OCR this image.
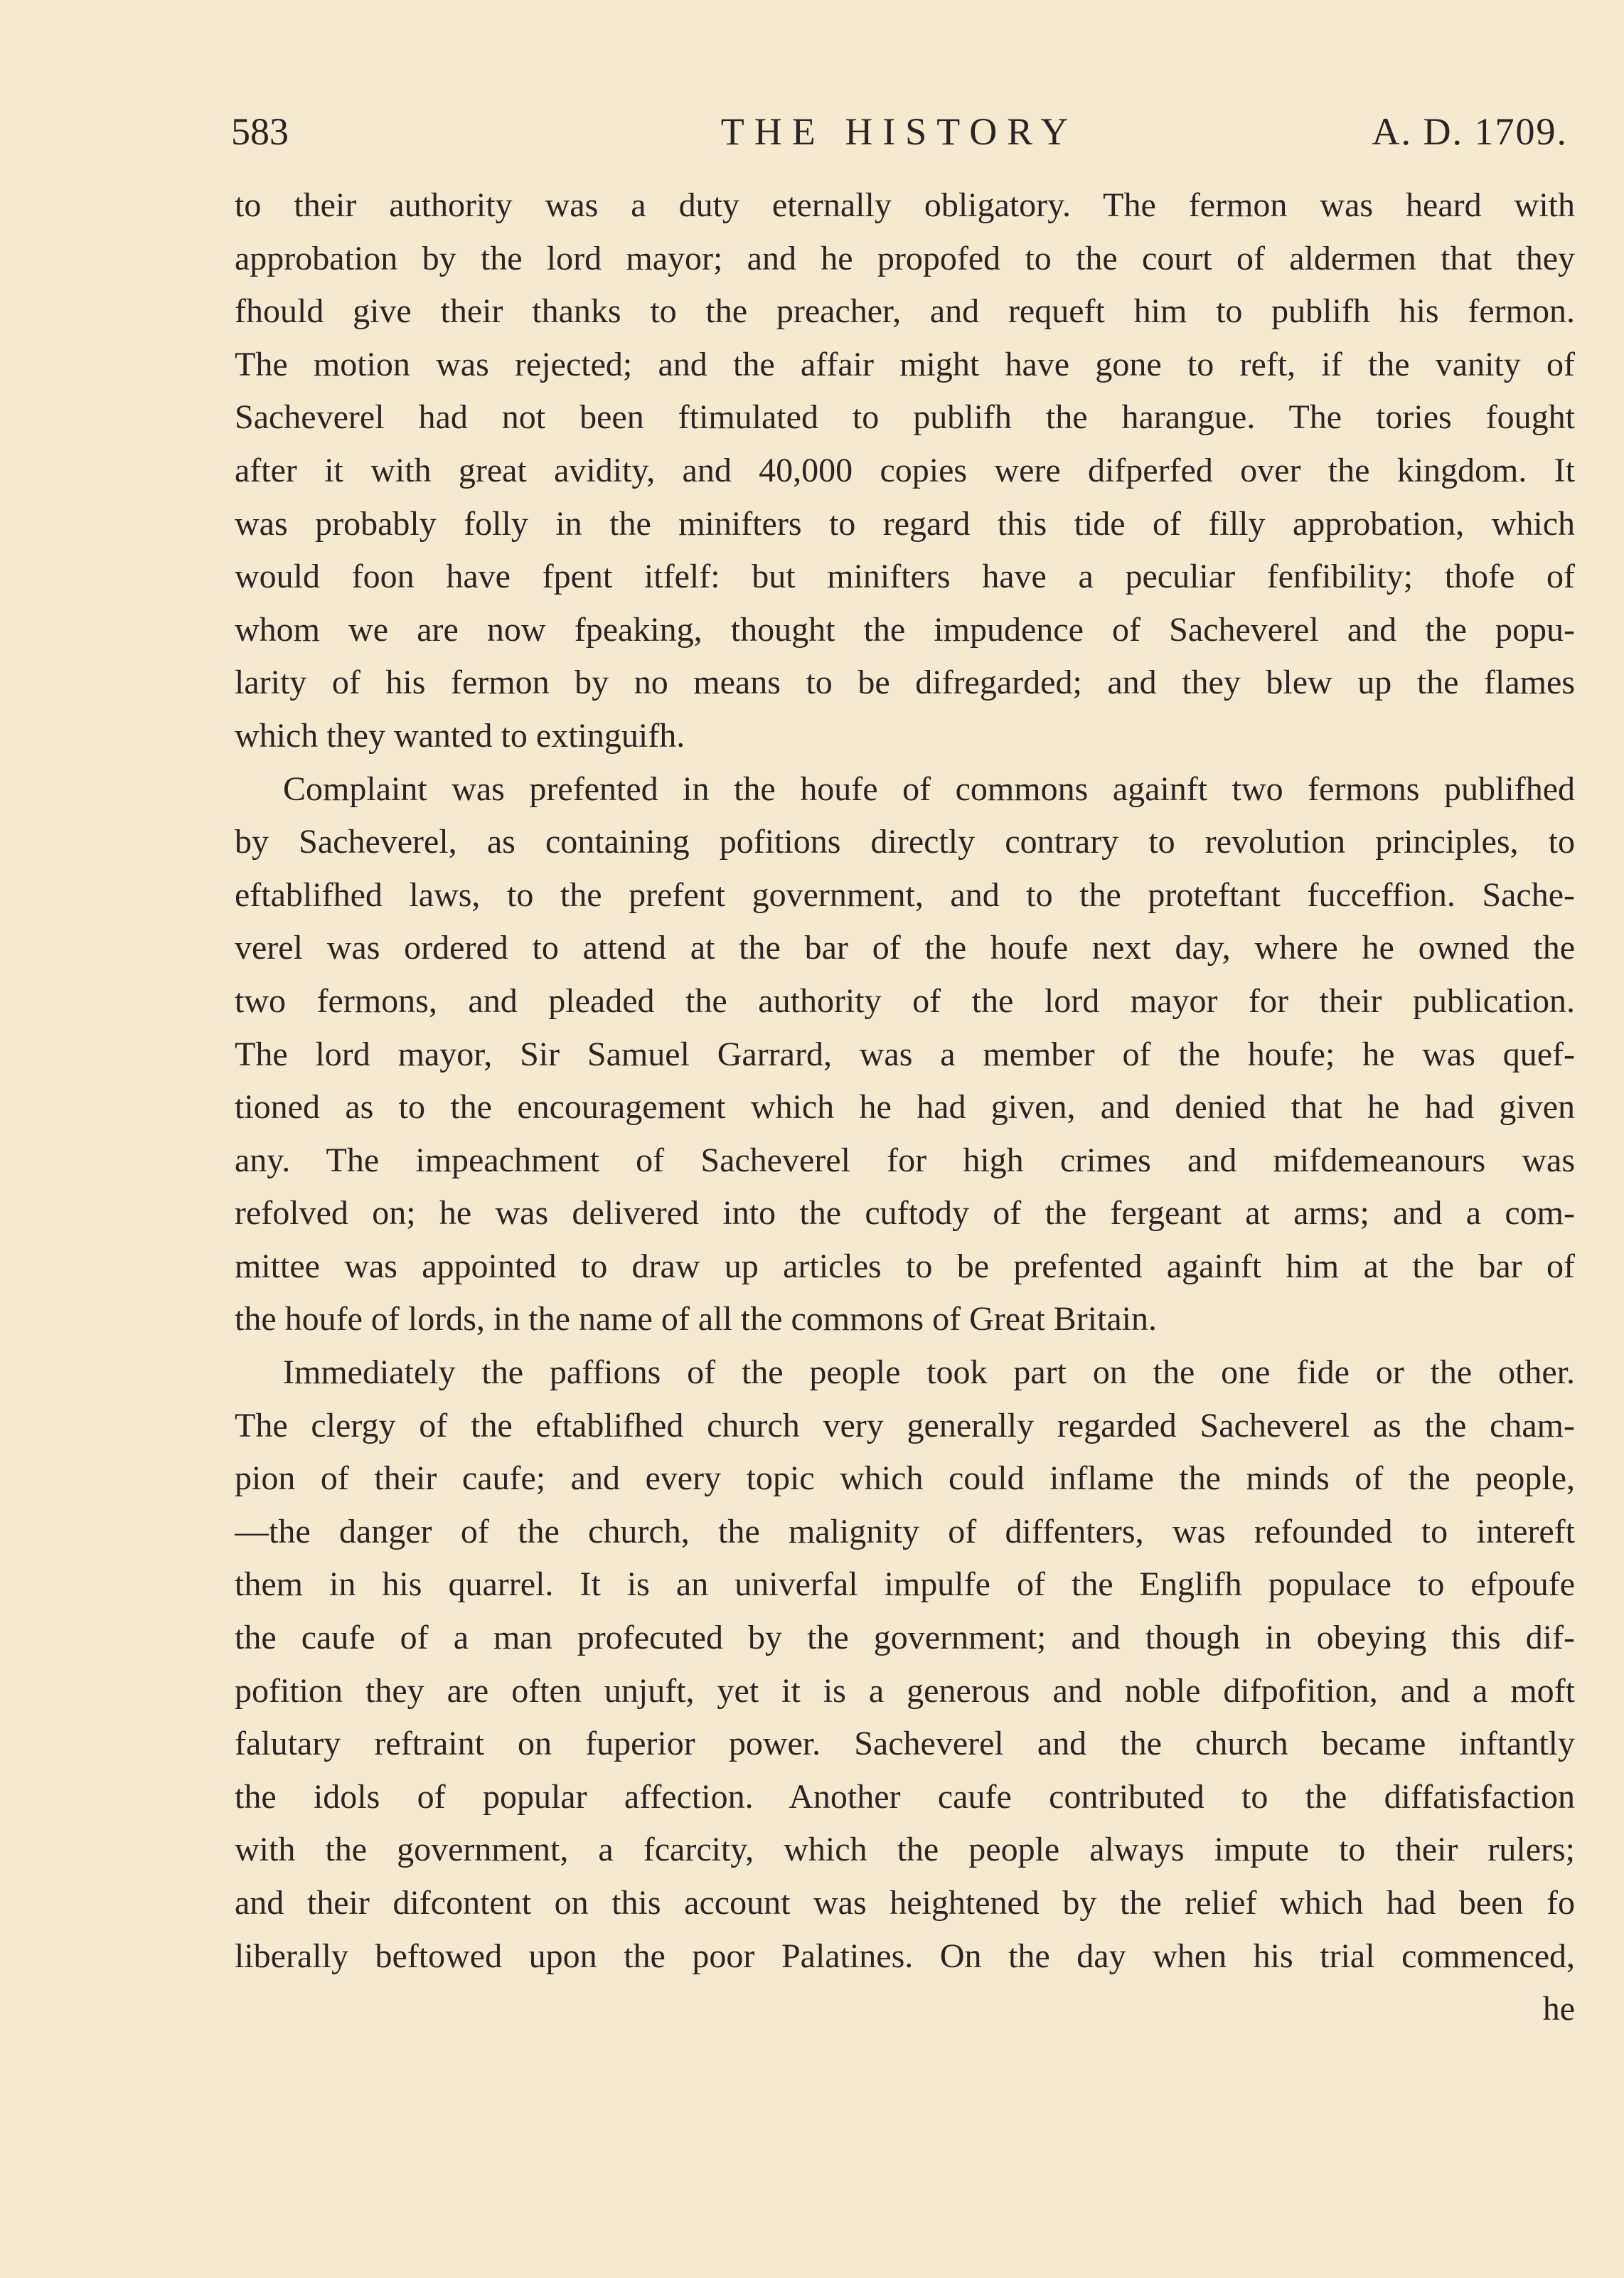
583	THE HISTORY	A. D. 1709.
to their authority was a duty eternally obligatory. The fermon was heard with
approbation by the lord mayor; and he propofed to the court of aldermen that they
fhould give their thanks to the preacher, and requeft him to publifh his fermon.
The motion was rejected; and the affair might have gone to reft, if the vanity of
Sacheverel had not been ftimulated to publifh the harangue. The tories fought
after it with great avidity, and 40,000 copies were difperfed over the kingdom. It
was probably folly in the minifters to regard this tide of filly approbation, which
would foon have fpent itfelf: but minifters have a peculiar fenfibility; thofe of
whom we are now fpeaking, thought the impudence of Sacheverel and the popu-
larity of his fermon by no means to be difregarded; and they blew up the flames
which they wanted to extinguifh.
Complaint was prefented in the houfe of commons againft two fermons publifhed
by Sacheverel, as containing pofitions directly contrary to revolution principles, to
eftablifhed laws, to the prefent government, and to the proteftant fucceffion. Sache-
verel was ordered to attend at the bar of the houfe next day, where he owned the
two fermons, and pleaded the authority of the lord mayor for their publication.
The lord mayor, Sir Samuel Garrard, was a member of the houfe; he was quef-
tioned as to the encouragement which he had given, and denied that he had given
any. The impeachment of Sacheverel for high crimes and mifdemeanours was
refolved on; he was delivered into the cuftody of the fergeant at arms; and a com-
mittee was appointed to draw up articles to be prefented againft him at the bar of
the houfe of lords, in the name of all the commons of Great Britain.
Immediately the paffions of the people took part on the one fide or the other.
The clergy of the eftablifhed church very generally regarded Sacheverel as the cham-
pion of their caufe; and every topic which could inflame the minds of the people,
—the danger of the church, the malignity of diffenters, was refounded to intereft
them in his quarrel. It is an univerfal impulfe of the Englifh populace to efpoufe
the caufe of a man profecuted by the government; and though in obeying this dif-
pofition they are often unjuft, yet it is a generous and noble difpofition, and a moft
falutary reftraint on fuperior power. Sacheverel and the church became inftantly
the idols of popular affection. Another caufe contributed to the diffatisfaction
with the government, a fcarcity, which the people always impute to their rulers;
and their difcontent on this account was heightened by the relief which had been fo
liberally beftowed upon the poor Palatines. On the day when his trial commenced,
he
